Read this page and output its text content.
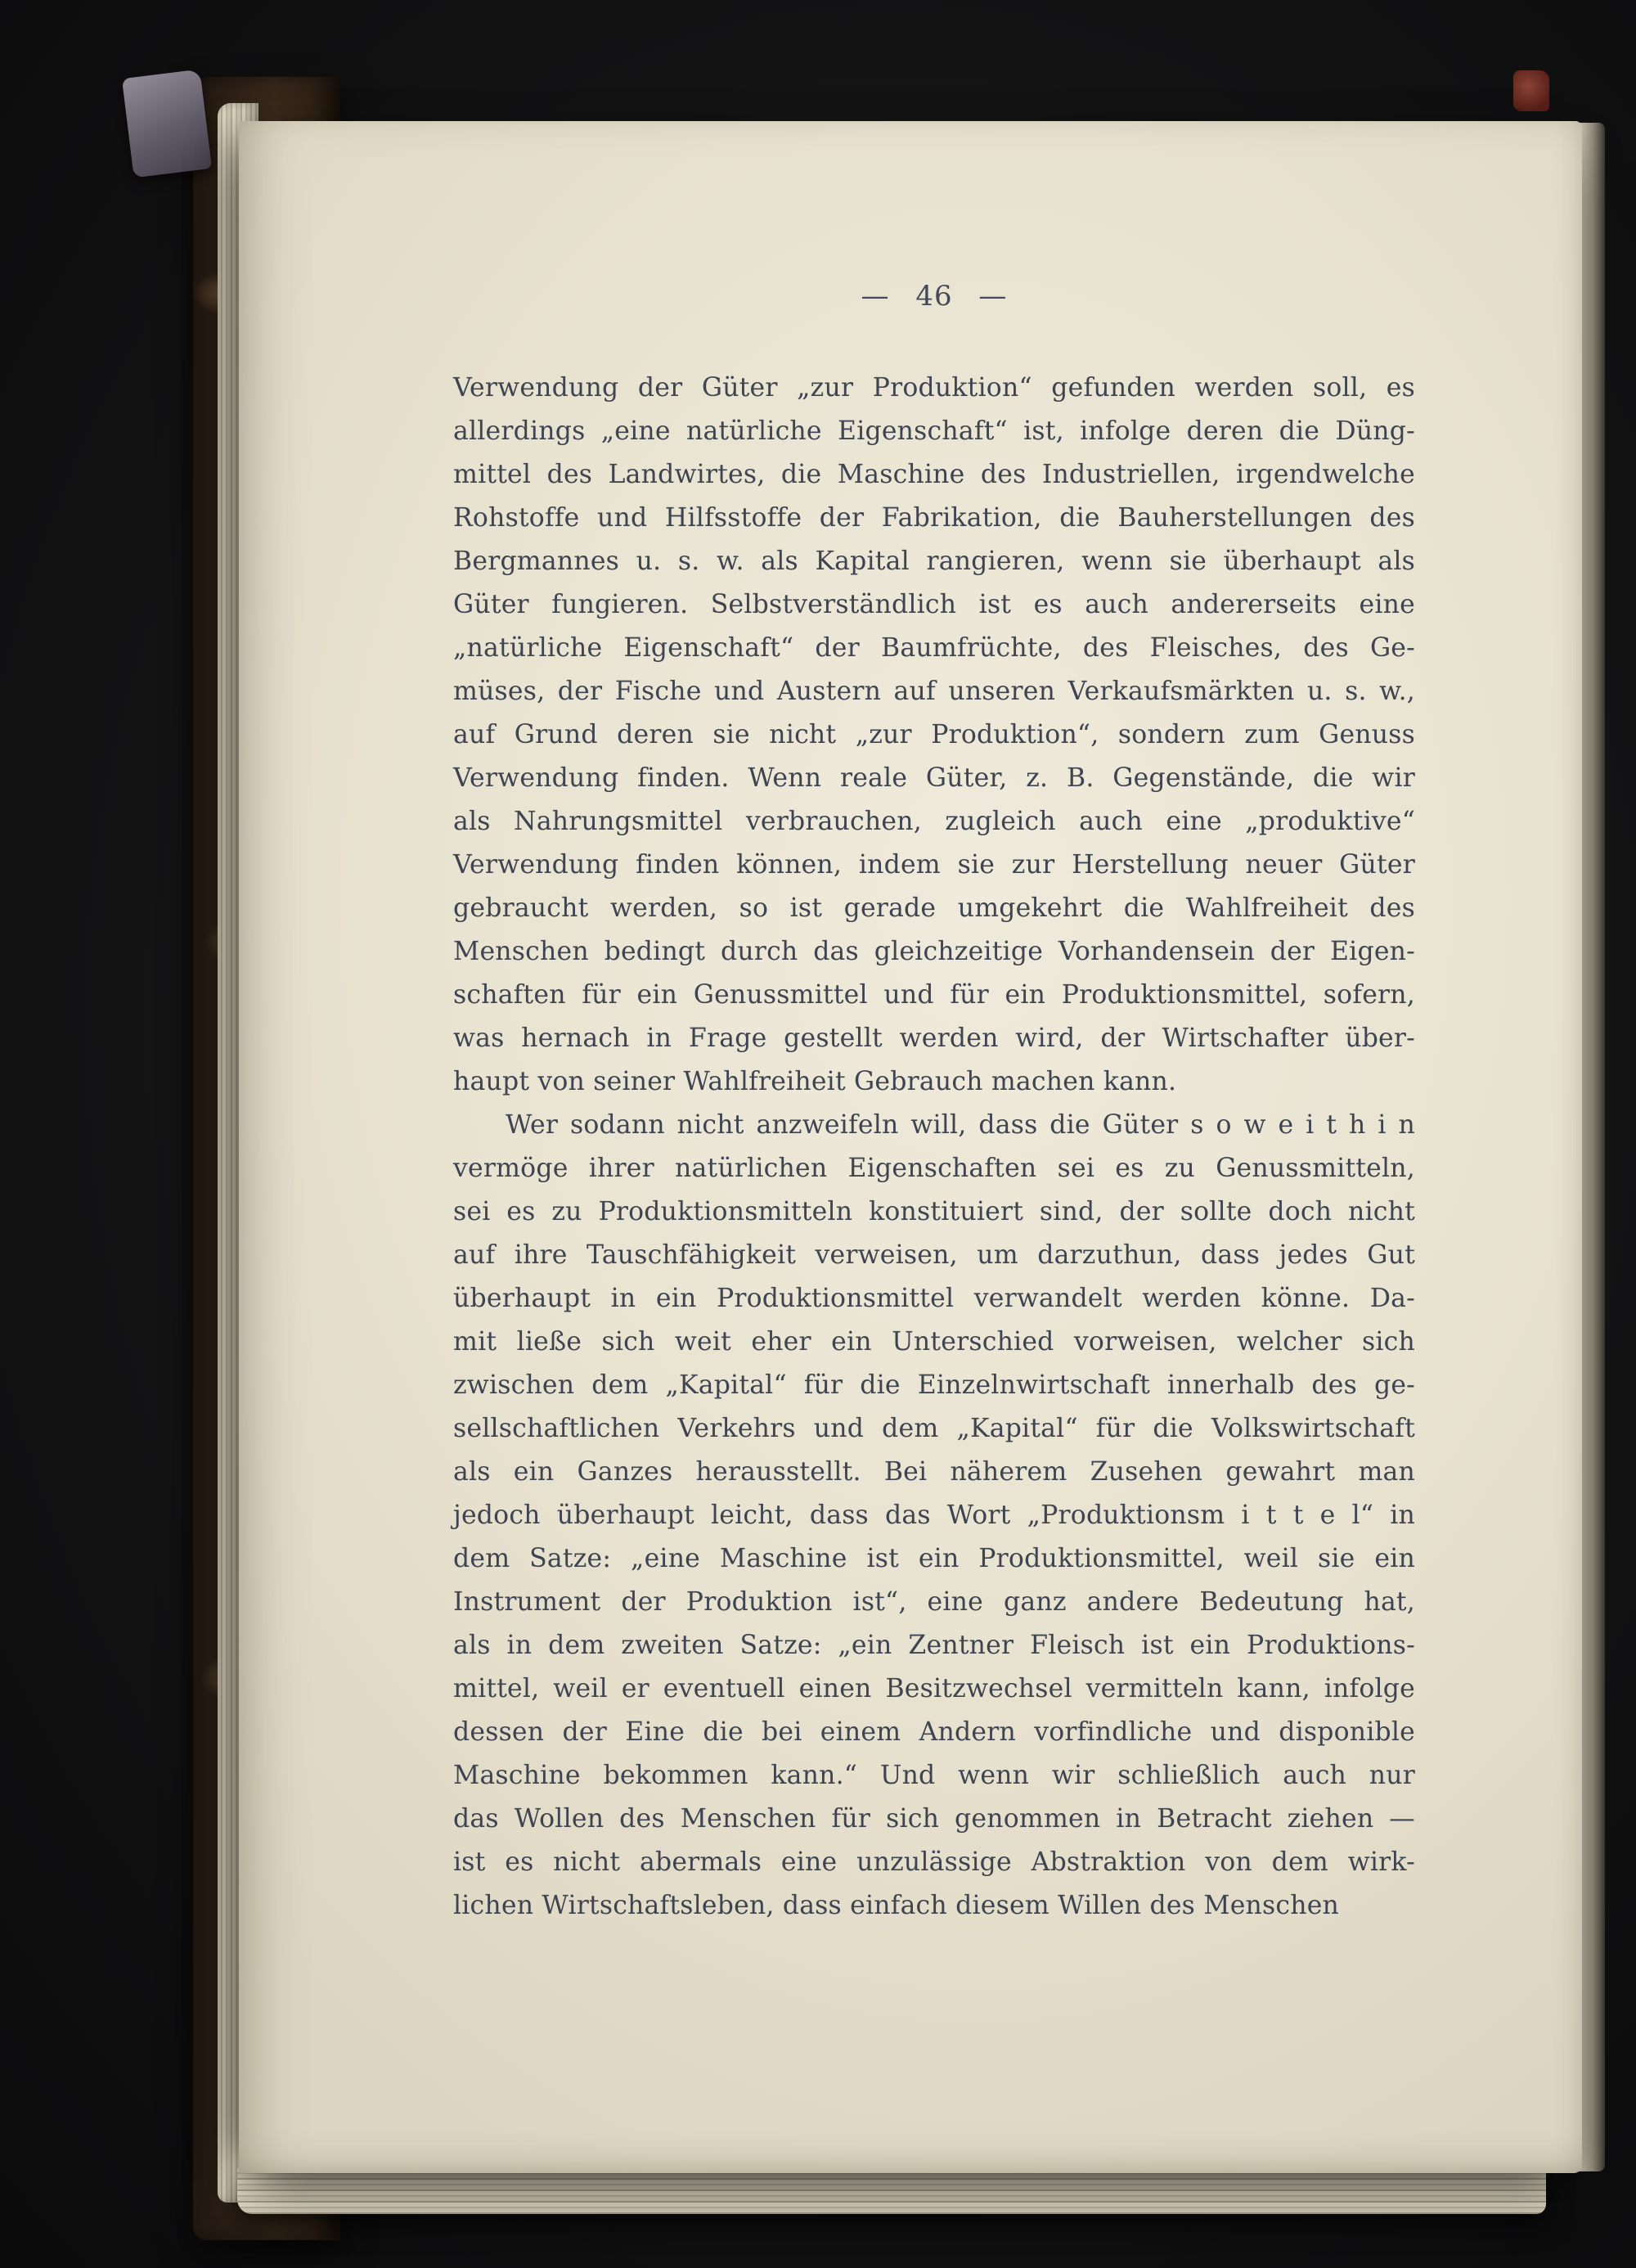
— 46 —
Verwendung der Güter „zur Produktion“ gefunden werden soll, es
allerdings „eine natürliche Eigenschaft“ ist, infolge deren die Düng-
mittel des Landwirtes, die Maschine des Industriellen, irgendwelche
Rohstoffe und Hilfsstoffe der Fabrikation, die Bauherstellungen des
Bergmannes u. s. w. als Kapital rangieren, wenn sie überhaupt als
Güter fungieren. Selbstverständlich ist es auch andererseits eine
„natürliche Eigenschaft“ der Baumfrüchte, des Fleisches, des Ge-
müses, der Fische und Austern auf unseren Verkaufsmärkten u. s. w.,
auf Grund deren sie nicht „zur Produktion“, sondern zum Genuss
Verwendung finden. Wenn reale Güter, z. B. Gegenstände, die wir
als Nahrungsmittel verbrauchen, zugleich auch eine „produktive“
Verwendung finden können, indem sie zur Herstellung neuer Güter
gebraucht werden, so ist gerade umgekehrt die Wahlfreiheit des
Menschen bedingt durch das gleichzeitige Vorhandensein der Eigen-
schaften für ein Genussmittel und für ein Produktionsmittel, sofern,
was hernach in Frage gestellt werden wird, der Wirtschafter über-
haupt von seiner Wahlfreiheit Gebrauch machen kann.
Wer sodann nicht anzweifeln will, dass die Güter s o w e i t h i n
vermöge ihrer natürlichen Eigenschaften sei es zu Genussmitteln,
sei es zu Produktionsmitteln konstituiert sind, der sollte doch nicht
auf ihre Tauschfähigkeit verweisen, um darzuthun, dass jedes Gut
überhaupt in ein Produktionsmittel verwandelt werden könne. Da-
mit ließe sich weit eher ein Unterschied vorweisen, welcher sich
zwischen dem „Kapital“ für die Einzelnwirtschaft innerhalb des ge-
sellschaftlichen Verkehrs und dem „Kapital“ für die Volkswirtschaft
als ein Ganzes herausstellt. Bei näherem Zusehen gewahrt man
jedoch überhaupt leicht, dass das Wort „Produktionsm i t t e l“ in
dem Satze: „eine Maschine ist ein Produktionsmittel, weil sie ein
Instrument der Produktion ist“, eine ganz andere Bedeutung hat,
als in dem zweiten Satze: „ein Zentner Fleisch ist ein Produktions-
mittel, weil er eventuell einen Besitzwechsel vermitteln kann, infolge
dessen der Eine die bei einem Andern vorfindliche und disponible
Maschine bekommen kann.“ Und wenn wir schließlich auch nur
das Wollen des Menschen für sich genommen in Betracht ziehen —
ist es nicht abermals eine unzulässige Abstraktion von dem wirk-
lichen Wirtschaftsleben, dass einfach diesem Willen des Menschen
